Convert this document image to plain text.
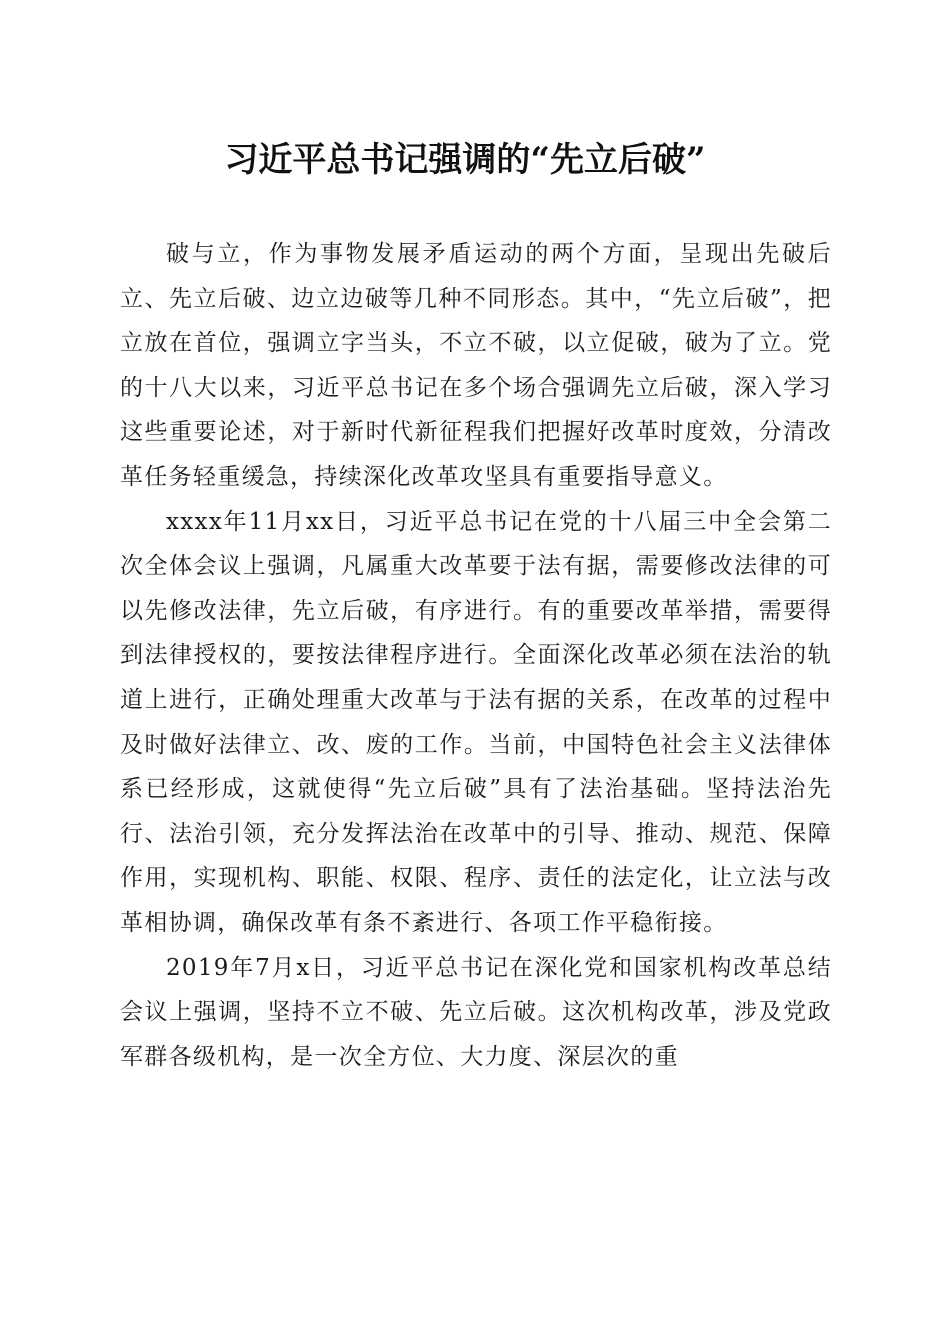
习近平总书记强调的“先立后破”

破与立，作为事物发展矛盾运动的两个方面，呈现出先破后立、先立后破、边立边破等几种不同形态。其中，“先立后破”，把立放在首位，强调立字当头，不立不破，以立促破，破为了立。党的十八大以来，习近平总书记在多个场合强调先立后破，深入学习这些重要论述，对于新时代新征程我们把握好改革时度效，分清改革任务轻重缓急，持续深化改革攻坚具有重要指导意义。

xxxx年11月xx日，习近平总书记在党的十八届三中全会第二次全体会议上强调，凡属重大改革要于法有据，需要修改法律的可以先修改法律，先立后破，有序进行。有的重要改革举措，需要得到法律授权的，要按法律程序进行。全面深化改革必须在法治的轨道上进行，正确处理重大改革与于法有据的关系，在改革的过程中及时做好法律立、改、废的工作。当前，中国特色社会主义法律体系已经形成，这就使得“先立后破”具有了法治基础。坚持法治先行、法治引领，充分发挥法治在改革中的引导、推动、规范、保障作用，实现机构、职能、权限、程序、责任的法定化，让立法与改革相协调，确保改革有条不紊进行、各项工作平稳衔接。

2019年7月x日，习近平总书记在深化党和国家机构改革总结会议上强调，坚持不立不破、先立后破。这次机构改革，涉及党政军群各级机构，是一次全方位、大力度、深层次的重
